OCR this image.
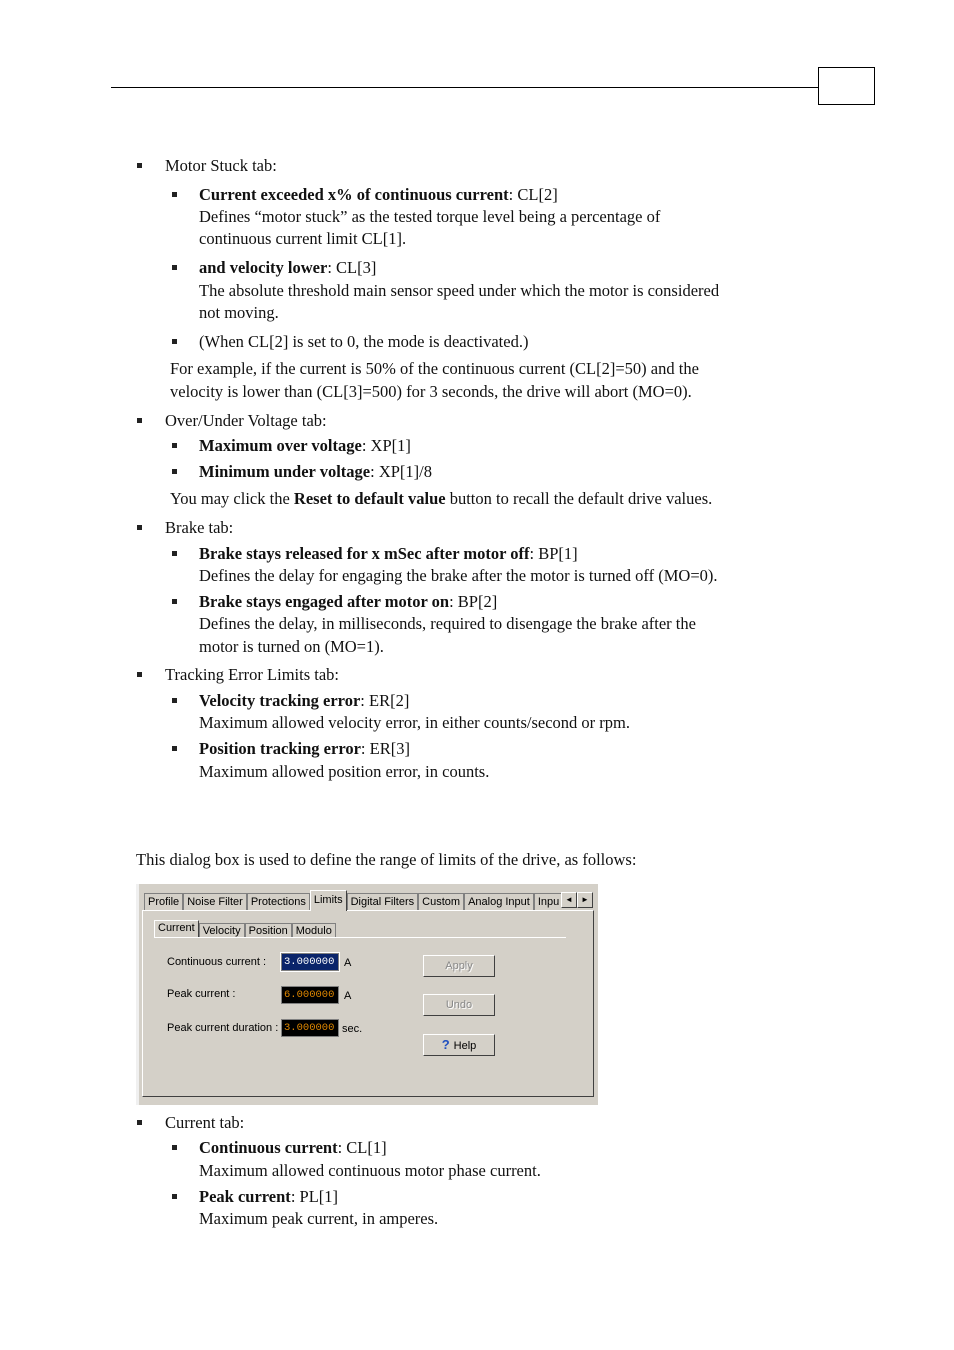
Motor Stuck tab:
Current exceeded x% of continuous current: CL[2]
Defines “motor stuck” as the tested torque level being a percentage of
continuous current limit CL[1].
and velocity lower: CL[3]
The absolute threshold main sensor speed under which the motor is considered
not moving.
(When CL[2] is set to 0, the mode is deactivated.)
For example, if the current is 50% of the continuous current (CL[2]=50) and the
velocity is lower than (CL[3]=500) for 3 seconds, the drive will abort (MO=0).
Over/Under Voltage tab:
Maximum over voltage: XP[1]
Minimum under voltage: XP[1]/8
You may click the Reset to default value button to recall the default drive values.
Brake tab:
Brake stays released for x mSec after motor off: BP[1]
Defines the delay for engaging the brake after the motor is turned off (MO=0).
Brake stays engaged after motor on: BP[2]
Defines the delay, in milliseconds, required to disengage the brake after the
motor is turned on (MO=1).
Tracking Error Limits tab:
Velocity tracking error: ER[2]
Maximum allowed velocity error, in either counts/second or rpm.
Position tracking error: ER[3]
Maximum allowed position error, in counts.
This dialog box is used to define the range of limits of the drive, as follows:
Profile Noise Filter Protections Limits Digital Filters Custom Analog Input Inpu ◄	►
Current Velocity Position Modulo
Continuous current : 3.000000 A
Peak current :	6.000000 A
Peak current duration : 3.000000 sec.
Apply
Undo
? Help
Current tab:
Continuous current: CL[1]
Maximum allowed continuous motor phase current.
Peak current: PL[1]
Maximum peak current, in amperes.
